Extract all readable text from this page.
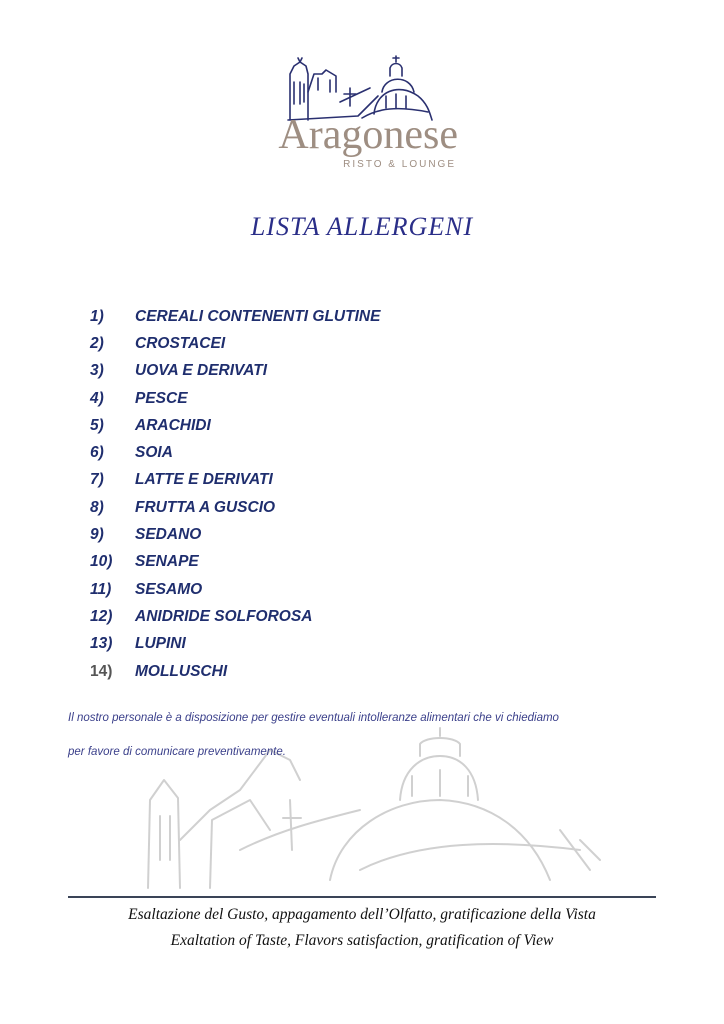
Aragonese
RISTO & LOUNGE
LISTA ALLERGENI
1)	CEREALI CONTENENTI GLUTINE
2)	CROSTACEI
3)	UOVA E DERIVATI
4)	PESCE
5)	ARACHIDI
6)	SOIA
7)	LATTE E DERIVATI
8)	FRUTTA A GUSCIO
9)	SEDANO
10)	SENAPE
11)	SESAMO
12)	ANIDRIDE SOLFOROSA
13)	LUPINI
14)	MOLLUSCHI
Il nostro personale è a disposizione per gestire eventuali intolleranze alimentari che vi chiediamo
per favore di comunicare preventivamente.
Esaltazione del Gusto, appagamento dell’Olfatto, gratificazione della Vista
Exaltation of Taste, Flavors satisfaction, gratification of View
